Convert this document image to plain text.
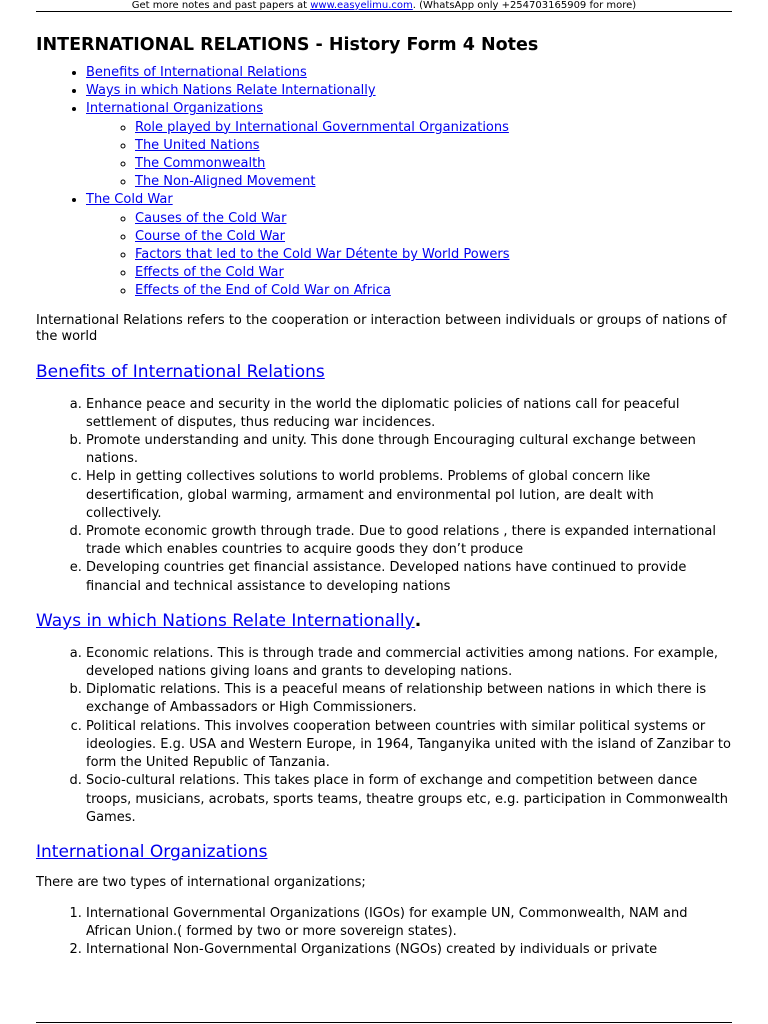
Get more notes and past papers at www.easyelimu.com. (WhatsApp only +254703165909 for more)
INTERNATIONAL RELATIONS - History Form 4 Notes
• Benefits of International Relations
• Ways in which Nations Relate Internationally
• International Organizations
◦ Role played by International Governmental Organizations
◦ The United Nations
◦ The Commonwealth
◦ The Non-Aligned Movement
• The Cold War
◦ Causes of the Cold War
◦ Course of the Cold War
◦ Factors that led to the Cold War Détente by World Powers
◦ Effects of the Cold War
◦ Effects of the End of Cold War on Africa

International Relations refers to the cooperation or interaction between individuals or groups of nations of the world

Benefits of International Relations
a. Enhance peace and security in the world the diplomatic policies of nations call for peaceful settlement of disputes, thus reducing war incidences.
b. Promote understanding and unity. This done through Encouraging cultural exchange between nations.
c. Help in getting collectives solutions to world problems. Problems of global concern like desertification, global warming, armament and environmental pol lution, are dealt with collectively.
d. Promote economic growth through trade. Due to good relations , there is expanded international trade which enables countries to acquire goods they don’t produce
e. Developing countries get financial assistance. Developed nations have continued to provide financial and technical assistance to developing nations
Ways in which Nations Relate Internationally.
a. Economic relations. This is through trade and commercial activities among nations. For example, developed nations giving loans and grants to developing nations.
b. Diplomatic relations. This is a peaceful means of relationship between nations in which there is exchange of Ambassadors or High Commissioners.
c. Political relations. This involves cooperation between countries with similar political systems or ideologies. E.g. USA and Western Europe, in 1964, Tanganyika united with the island of Zanzibar to form the United Republic of Tanzania.
d. Socio-cultural relations. This takes place in form of exchange and competition between dance troops, musicians, acrobats, sports teams, theatre groups etc, e.g. participation in Commonwealth Games.
International Organizations

There are two types of international organizations;

1. International Governmental Organizations (IGOs) for example UN, Commonwealth, NAM and African Union.( formed by two or more sovereign states).
2. International Non-Governmental Organizations (NGOs) created by individuals or private
